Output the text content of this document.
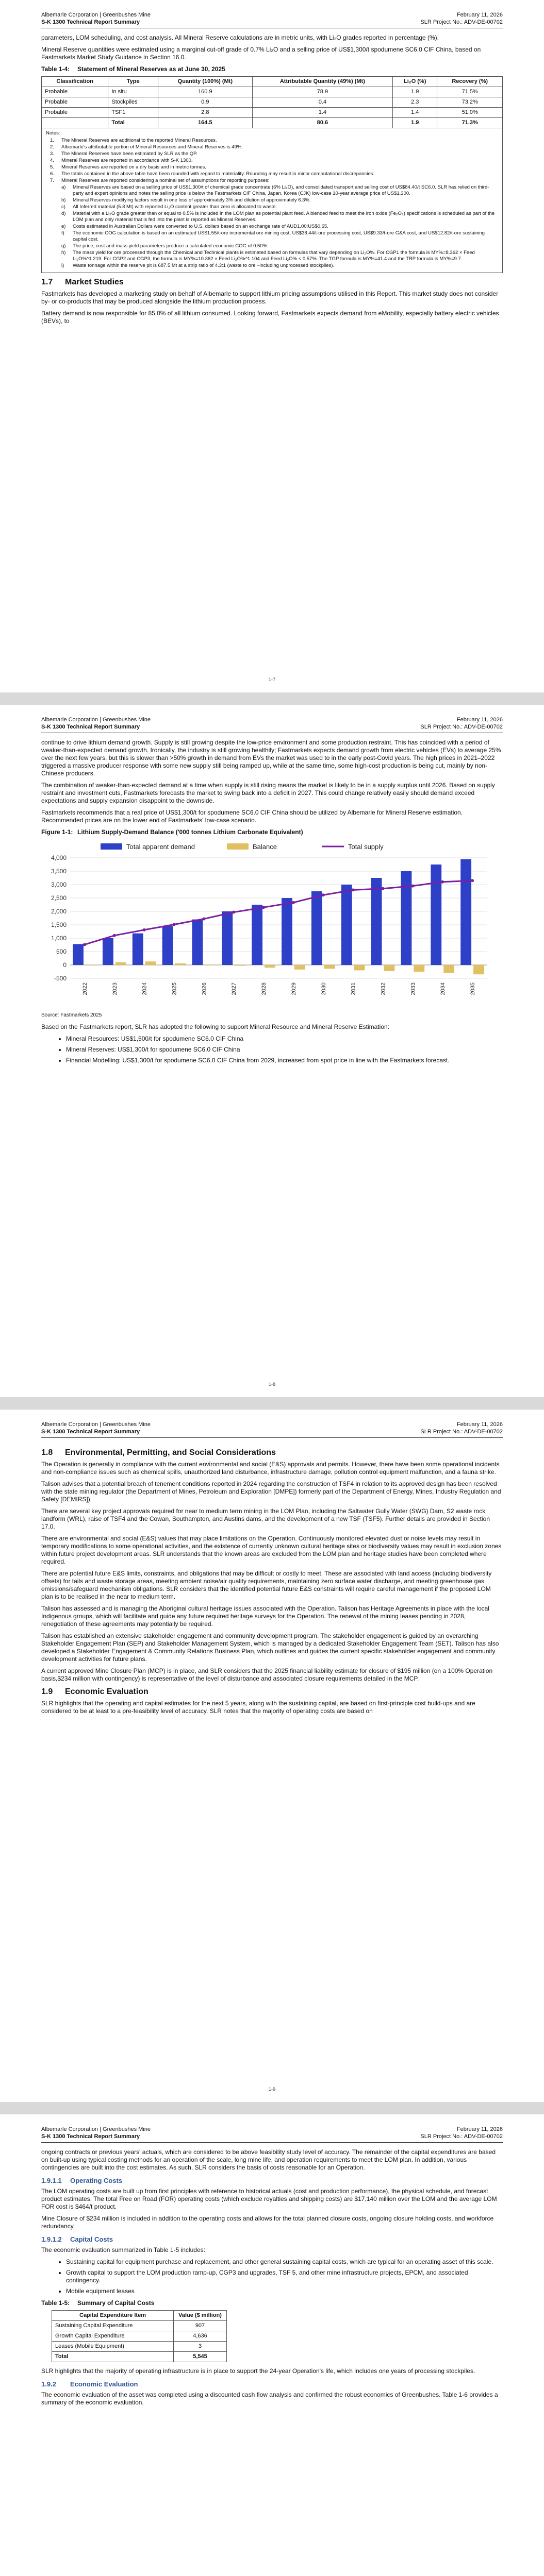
Albemarle Corporation | Greenbushes Mine
S-K 1300 Technical Report Summary
February 11, 2026
SLR Project No.: ADV-DE-00702

parameters, LOM scheduling, and cost analysis. All Mineral Reserve calculations are in metric units, with Li₂O grades reported in percentage (%).

Mineral Reserve quantities were estimated using a marginal cut-off grade of 0.7% Li₂O and a selling price of US$1,300/t spodumene SC6.0 CIF China, based on Fastmarkets Market Study Guidance in Section 16.0.

Table 1-4:	Statement of Mineral Reserves as at June 30, 2025
Classification	Type	Quantity (100%) (Mt)	Attributable Quantity (49%) (Mt)	Li₂O (%)	Recovery (%)
Probable	In situ	160.9	78.9	1.9	71.5%
Probable	Stockpiles	0.9	0.4	2.3	73.2%
Probable	TSF1	2.8	1.4	1.4	51.0%
	Total	164.5	80.6	1.9	71.3%
Notes:
1.	The Mineral Reserves are additional to the reported Mineral Resources.
2.	Albemarle's attributable portion of Mineral Resources and Mineral Reserves is 49%.
3.	The Mineral Reserves have been estimated by SLR as the QP.
4.	Mineral Reserves are reported in accordance with S-K 1300.
5.	Mineral Reserves are reported on a dry basis and in metric tonnes.
6.	The totals contained in the above table have been rounded with regard to materiality. Rounding may result in minor computational discrepancies.
7.	Mineral Reserves are reported considering a nominal set of assumptions for reporting purposes:
a)	Mineral Reserves are based on a selling price of US$1,300/t of chemical grade concentrate (6% Li₂O), and consolidated transport and selling cost of US$84.40/t SC6.0. SLR has relied on third-party and expert opinions and notes the selling price is below the Fastmarkets CIF China, Japan, Korea (CJK) low-case 10-year average price of US$1,300.
b)	Mineral Reserves modifying factors result in one loss of approximately 3% and dilution of approximately 6.3%.
c)	All Inferred material (5.8 Mt) with reported Li₂O content greater than zero is allocated to waste.
d)	Material with a Li₂O grade greater than or equal to 0.5% is included in the LOM plan as potential plant feed. A blended feed to meet the iron oxide (Fe₂O₃) specifications is scheduled as part of the LOM plan and only material that is fed into the plant is reported as Mineral Reserves.
e)	Costs estimated in Australian Dollars were converted to U.S. dollars based on an exchange rate of AUD1.00:US$0.65.
f)	The economic COG calculation is based on an estimated US$1.55/t-ore incremental ore mining cost, US$38.44/t-ore processing cost, US$9.33/t-ore G&A cost, and US$12.82/t-ore sustaining capital cost.
g)	The price, cost and mass yield parameters produce a calculated economic COG of 0.50%.
h)	The mass yield for ore processed through the Chemical and Technical plants is estimated based on formulas that vary depending on Li₂O%. For CGP1 the formula is MY%=8.362 × Feed Li₂O%^1.219. For CGP2 and CGP3, the formula is MY%=10.362 × Feed Li₂O%^1.104 and Feed Li₂O% < 0.57%. The TGP formula is MY%=41.4 and the TRP formula is MY%=9.7.
i)	Waste tonnage within the reserve pit is 687.5 Mt at a strip ratio of 4.3:1 (waste to ore –including unprocessed stockpiles).
1.7 Market Studies

Fastmarkets has developed a marketing study on behalf of Albemarle to support lithium pricing assumptions utilised in this Report. This market study does not consider by- or co-products that may be produced alongside the lithium production process.

Battery demand is now responsible for 85.0% of all lithium consumed. Looking forward, Fastmarkets expects demand from eMobility, especially battery electric vehicles (BEVs), to

1-7
Albemarle Corporation | Greenbushes Mine
S-K 1300 Technical Report Summary
February 11, 2026
SLR Project No.: ADV-DE-00702

continue to drive lithium demand growth. Supply is still growing despite the low-price environment and some production restraint. This has coincided with a period of weaker-than-expected demand growth. Ironically, the industry is still growing healthily; Fastmarkets expects demand growth from electric vehicles (EVs) to average 25% over the next few years, but this is slower than >50% growth in demand from EVs the market was used to in the early post-Covid years. The high prices in 2021–2022 triggered a massive producer response with some new supply still being ramped up, while at the same time, some high-cost production is being cut, mainly by non-Chinese producers.

The combination of weaker-than-expected demand at a time when supply is still rising means the market is likely to be in a supply surplus until 2026. Based on supply restraint and investment cuts, Fastmarkets forecasts the market to swing back into a deficit in 2027. This could change relatively easily should demand exceed expectations and supply expansion disappoint to the downside.

Fastmarkets recommends that a real price of US$1,300/t for spodumene SC6.0 CIF China should be utilized by Albemarle for Mineral Reserve estimation. Recommended prices are on the lower end of Fastmarkets' low-case scenario.

Figure 1-1: Lithium Supply-Demand Balance ('000 tonnes Lithium Carbonate Equivalent)
-500
0
500
1,000
1,500
2,000
2,500
3,000
3,500
4,000
2022	2023	2024	2025	2026	2027	2028	2029	2030	2031	2032	2033	2034	2035
Total apparent demand	Balance	Total supply
Source: Fastmarkets 2025

Based on the Fastmarkets report, SLR has adopted the following to support Mineral Resource and Mineral Reserve Estimation:

• Mineral Resources: US$1,500/t for spodumene SC6.0 CIF China
• Mineral Reserves: US$1,300/t for spodumene SC6.0 CIF China
• Financial Modelling: US$1,300/t for spodumene SC6.0 CIF China from 2029, increased from spot price in line with the Fastmarkets forecast.
1-8
Albemarle Corporation | Greenbushes Mine
S-K 1300 Technical Report Summary
February 11, 2026
SLR Project No.: ADV-DE-00702
1.8 Environmental, Permitting, and Social Considerations

The Operation is generally in compliance with the current environmental and social (E&S) approvals and permits. However, there have been some operational incidents and non-compliance issues such as chemical spills, unauthorized land disturbance, infrastructure damage, pollution control equipment malfunction, and a fauna strike.

Talison advises that a potential breach of tenement conditions reported in 2024 regarding the construction of TSF4 in relation to its approved design has been resolved with the state mining regulator (the Department of Mines, Petroleum and Exploration [DMPE]) formerly part of the Department of Energy, Mines, Industry Regulation and Safety [DEMIRS]).

There are several key project approvals required for near to medium term mining in the LOM Plan, including the Saltwater Gully Water (SWG) Dam, S2 waste rock landform (WRL), raise of TSF4 and the Cowan, Southampton, and Austins dams, and the development of a new TSF (TSF5). Further details are provided in Section 17.0.

There are environmental and social (E&S) values that may place limitations on the Operation. Continuously monitored elevated dust or noise levels may result in temporary modifications to some operational activities, and the existence of currently unknown cultural heritage sites or biodiversity values may result in exclusion zones within future project development areas. SLR understands that the known areas are excluded from the LOM plan and heritage studies have been completed where required.

There are potential future E&S limits, constraints, and obligations that may be difficult or costly to meet. These are associated with land access (including biodiversity offsets) for tails and waste storage areas, meeting ambient noise/air quality requirements, maintaining zero surface water discharge, and meeting greenhouse gas emissions/safeguard mechanism obligations. SLR considers that the identified potential future E&S constraints will require careful management if the proposed LOM plan is to be realised in the near to medium term.

Talison has assessed and is managing the Aboriginal cultural heritage issues associated with the Operation. Talison has Heritage Agreements in place with the local Indigenous groups, which will facilitate and guide any future required heritage surveys for the Operation. The renewal of the mining leases pending in 2028, renegotiation of these agreements may potentially be required.

Talison has established an extensive stakeholder engagement and community development program. The stakeholder engagement is guided by an overarching Stakeholder Engagement Plan (SEP) and Stakeholder Management System, which is managed by a dedicated Stakeholder Engagement Team (SET). Talison has also developed a Stakeholder Engagement & Community Relations Business Plan, which outlines and guides the current specific stakeholder engagement and community development activities for future plans.

A current approved Mine Closure Plan (MCP) is in place, and SLR considers that the 2025 financial liability estimate for closure of $195 million (on a 100% Operation basis,$234 million with contingency) is representative of the level of disturbance and associated closure requirements detailed in the MCP.

1.9 Economic Evaluation

SLR highlights that the operating and capital estimates for the next 5 years, along with the sustaining capital, are based on first-principle cost build-ups and are considered to be at least to a pre-feasibility level of accuracy. SLR notes that the majority of operating costs are based on

1-9
Albemarle Corporation | Greenbushes Mine
S-K 1300 Technical Report Summary
February 11, 2026
SLR Project No.: ADV-DE-00702

ongoing contracts or previous years' actuals, which are considered to be above feasibility study level of accuracy. The remainder of the capital expenditures are based on built-up using typical costing methods for an operation of the scale, long mine life, and operation requirements to meet the LOM plan. In addition, various contingencies are built into the cost estimates. As such, SLR considers the basis of costs reasonable for an Operation.

1.9.1.1 Operating Costs

The LOM operating costs are built up from first principles with reference to historical actuals (cost and production performance), the physical schedule, and forecast product estimates. The total Free on Road (FOR) operating costs (which exclude royalties and shipping costs) are $17,140 million over the LOM and the average LOM FOR cost is $464/t product.

Mine Closure of $234 million is included in addition to the operating costs and allows for the total planned closure costs, ongoing closure holding costs, and workforce redundancy.

1.9.1.2 Capital Costs

The economic evaluation summarized in Table 1-5 includes:

• Sustaining capital for equipment purchase and replacement, and other general sustaining capital costs, which are typical for an operating asset of this scale.
• Growth capital to support the LOM production ramp-up, CGP3 and upgrades, TSF 5, and other mine infrastructure projects, EPCM, and associated contingency.
• Mobile equipment leases
Table 1-5:	Summary of Capital Costs
Capital Expenditure Item	Value ($ million)
Sustaining Capital Expenditure	907
Growth Capital Expenditure	4,636
Leases (Mobile Equipment)	3
Total	5,545

SLR highlights that the majority of operating infrastructure is in place to support the 24-year Operation's life, which includes one years of processing stockpiles.

1.9.2 Economic Evaluation

The economic evaluation of the asset was completed using a discounted cash flow analysis and confirmed the robust economics of Greenbushes. Table 1-6 provides a summary of the economic evaluation.
